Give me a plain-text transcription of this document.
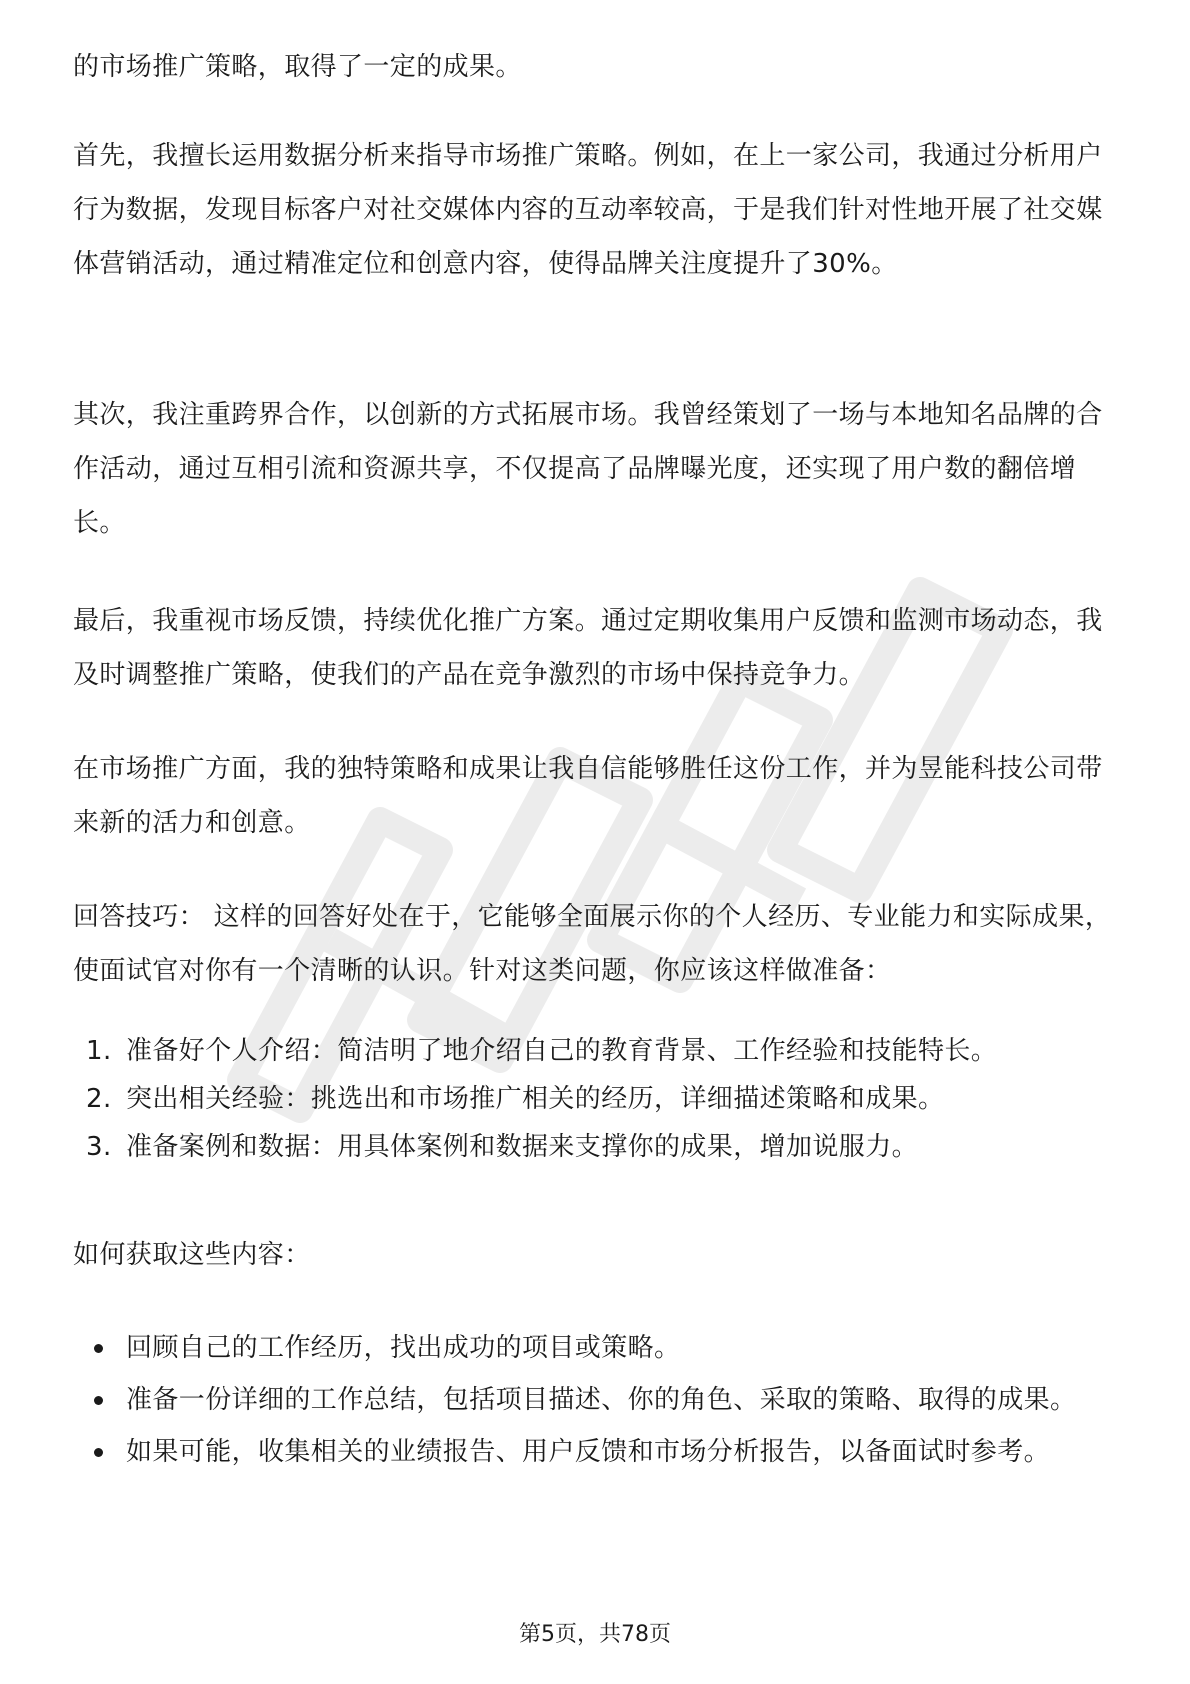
的市场推广策略，取得了一定的成果。

首先，我擅长运用数据分析来指导市场推广策略。例如，在上一家公司，我通过分析用户行为数据，发现目标客户对社交媒体内容的互动率较高，于是我们针对性地开展了社交媒体营销活动，通过精准定位和创意内容，使得品牌关注度提升了30%。

其次，我注重跨界合作，以创新的方式拓展市场。我曾经策划了一场与本地知名品牌的合作活动，通过互相引流和资源共享，不仅提高了品牌曝光度，还实现了用户数的翻倍增长。

最后，我重视市场反馈，持续优化推广方案。通过定期收集用户反馈和监测市场动态，我及时调整推广策略，使我们的产品在竞争激烈的市场中保持竞争力。

在市场推广方面，我的独特策略和成果让我自信能够胜任这份工作，并为昱能科技公司带来新的活力和创意。

回答技巧： 这样的回答好处在于，它能够全面展示你的个人经历、专业能力和实际成果，使面试官对你有一个清晰的认识。针对这类问题，你应该这样做准备：

1. 准备好个人介绍：简洁明了地介绍自己的教育背景、工作经验和技能特长。
2. 突出相关经验：挑选出和市场推广相关的经历，详细描述策略和成果。
3. 准备案例和数据：用具体案例和数据来支撑你的成果，增加说服力。

如何获取这些内容：

回顾自己的工作经历，找出成功的项目或策略。
准备一份详细的工作总结，包括项目描述、你的角色、采取的策略、取得的成果。
如果可能，收集相关的业绩报告、用户反馈和市场分析报告，以备面试时参考。
第5页，共78页
